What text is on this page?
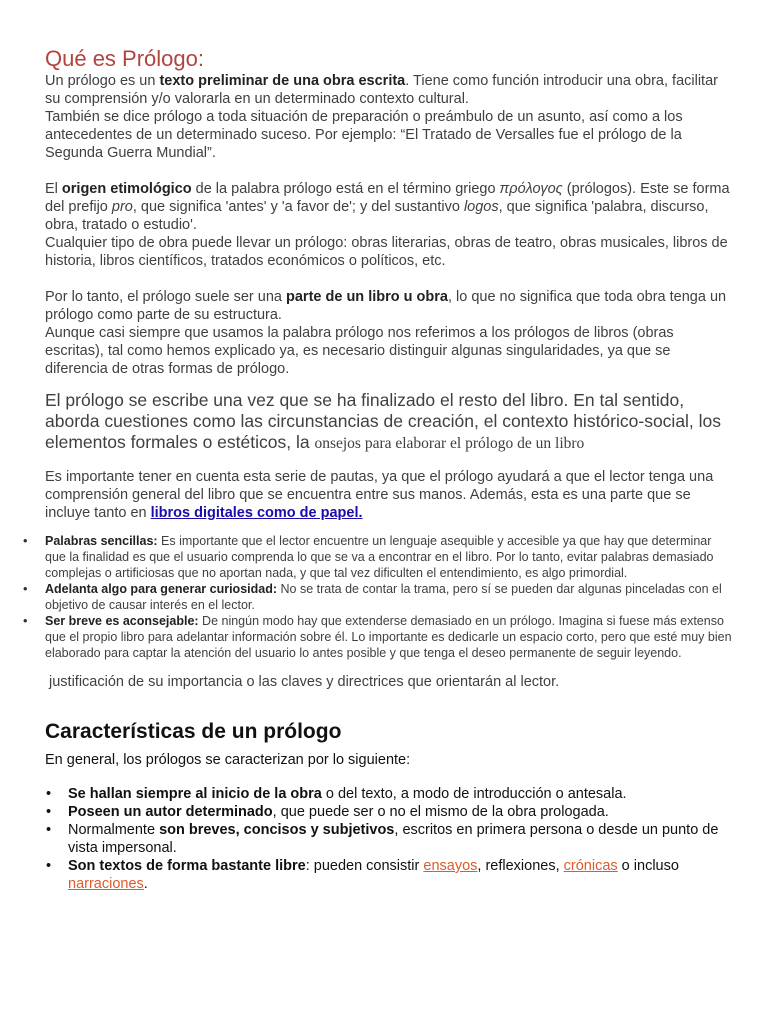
Qué es Prólogo:

Un prólogo es un texto preliminar de una obra escrita. Tiene como función introducir una obra, facilitar su comprensión y/o valorarla en un determinado contexto cultural.

También se dice prólogo a toda situación de preparación o preámbulo de un asunto, así como a los antecedentes de un determinado suceso. Por ejemplo: “El Tratado de Versalles fue el prólogo de la Segunda Guerra Mundial”.

El origen etimológico de la palabra prólogo está en el término griego πρόλογος (prólogos). Este se forma del prefijo pro, que significa 'antes' y 'a favor de'; y del sustantivo logos, que significa 'palabra, discurso, obra, tratado o estudio'.

Cualquier tipo de obra puede llevar un prólogo: obras literarias, obras de teatro, obras musicales, libros de historia, libros científicos, tratados económicos o políticos, etc.

Por lo tanto, el prólogo suele ser una parte de un libro u obra, lo que no significa que toda obra tenga un prólogo como parte de su estructura.

Aunque casi siempre que usamos la palabra prólogo nos referimos a los prólogos de libros (obras escritas), tal como hemos explicado ya, es necesario distinguir algunas singularidades, ya que se diferencia de otras formas de prólogo.

El prólogo se escribe una vez que se ha finalizado el resto del libro. En tal sentido, aborda cuestiones como las circunstancias de creación, el contexto histórico-social, los elementos formales o estéticos, la onsejos para elaborar el prólogo de un libro

Es importante tener en cuenta esta serie de pautas, ya que el prólogo ayudará a que el lector tenga una comprensión general del libro que se encuentra entre sus manos. Además, esta es una parte que se incluye tanto en libros digitales como de papel.

• Palabras sencillas: Es importante que el lector encuentre un lenguaje asequible y accesible ya que hay que determinar que la finalidad es que el usuario comprenda lo que se va a encontrar en el libro. Por lo tanto, evitar palabras demasiado complejas o artificiosas que no aportan nada, y que tal vez dificulten el entendimiento, es algo primordial.
• Adelanta algo para generar curiosidad: No se trata de contar la trama, pero sí se pueden dar algunas pinceladas con el objetivo de causar interés en el lector.
• Ser breve es aconsejable: De ningún modo hay que extenderse demasiado en un prólogo. Imagina si fuese más extenso que el propio libro para adelantar información sobre él. Lo importante es dedicarle un espacio corto, pero que esté muy bien elaborado para captar la atención del usuario lo antes posible y que tenga el deseo permanente de seguir leyendo.

justificación de su importancia o las claves y directrices que orientarán al lector.

Características de un prólogo

En general, los prólogos se caracterizan por lo siguiente:

• Se hallan siempre al inicio de la obra o del texto, a modo de introducción o antesala.
• Poseen un autor determinado, que puede ser o no el mismo de la obra prologada.
• Normalmente son breves, concisos y subjetivos, escritos en primera persona o desde un punto de vista impersonal.
• Son textos de forma bastante libre: pueden consistir ensayos, reflexiones, crónicas o incluso narraciones.
